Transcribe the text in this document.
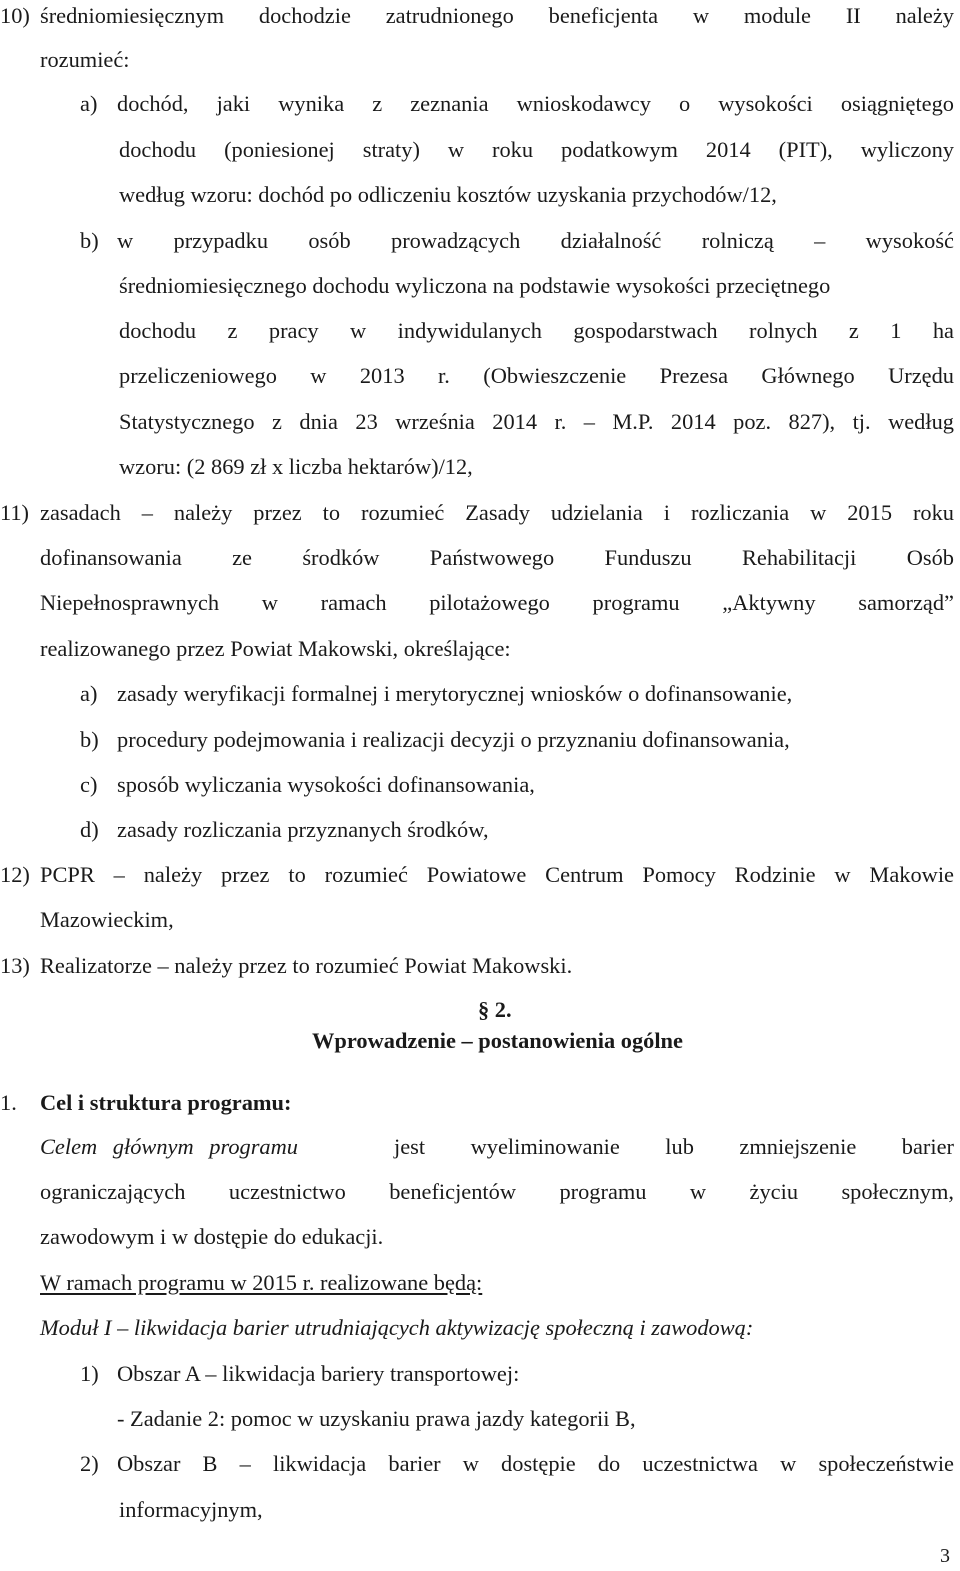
10) średniomiesięcznym dochodzie zatrudnionego beneficjenta w module II należy
rozumieć:
a) dochód, jaki wynika z zeznania wnioskodawcy o wysokości osiągniętego
dochodu (poniesionej straty) w roku podatkowym 2014 (PIT), wyliczony
według wzoru: dochód po odliczeniu kosztów uzyskania przychodów/12,
b) w przypadku osób prowadzących działalność rolniczą – wysokość
średniomiesięcznego dochodu wyliczona na podstawie wysokości przeciętnego
dochodu z pracy w indywidulanych gospodarstwach rolnych z 1 ha
przeliczeniowego w 2013 r. (Obwieszczenie Prezesa Głównego Urzędu
Statystycznego z dnia 23 września 2014 r. – M.P. 2014 poz. 827), tj. według
wzoru: (2 869 zł x liczba hektarów)/12,
11) zasadach – należy przez to rozumieć Zasady udzielania i rozliczania w 2015 roku
dofinansowania ze środków Państwowego Funduszu Rehabilitacji Osób
Niepełnosprawnych w ramach pilotażowego programu „Aktywny samorząd”
realizowanego przez Powiat Makowski, określające:
a) zasady weryfikacji formalnej i merytorycznej wniosków o dofinansowanie,
b) procedury podejmowania i realizacji decyzji o przyznaniu dofinansowania,
c) sposób wyliczania wysokości dofinansowania,
d) zasady rozliczania przyznanych środków,
12) PCPR – należy przez to rozumieć Powiatowe Centrum Pomocy Rodzinie w Makowie
Mazowieckim,
13) Realizatorze – należy przez to rozumieć Powiat Makowski.
§ 2.
Wprowadzenie – postanowienia ogólne
1. Cel i struktura programu:
Celem głównym programu	jest wyeliminowanie lub zmniejszenie barier
ograniczających uczestnictwo beneficjentów programu w życiu społecznym,
zawodowym i w dostępie do edukacji.
W ramach programu w 2015 r. realizowane będą:
Moduł I – likwidacja barier utrudniających aktywizację społeczną i zawodową:
1) Obszar A – likwidacja bariery transportowej:
- Zadanie 2: pomoc w uzyskaniu prawa jazdy kategorii B,
2) Obszar B – likwidacja barier w dostępie do uczestnictwa w społeczeństwie
informacyjnym,
3
